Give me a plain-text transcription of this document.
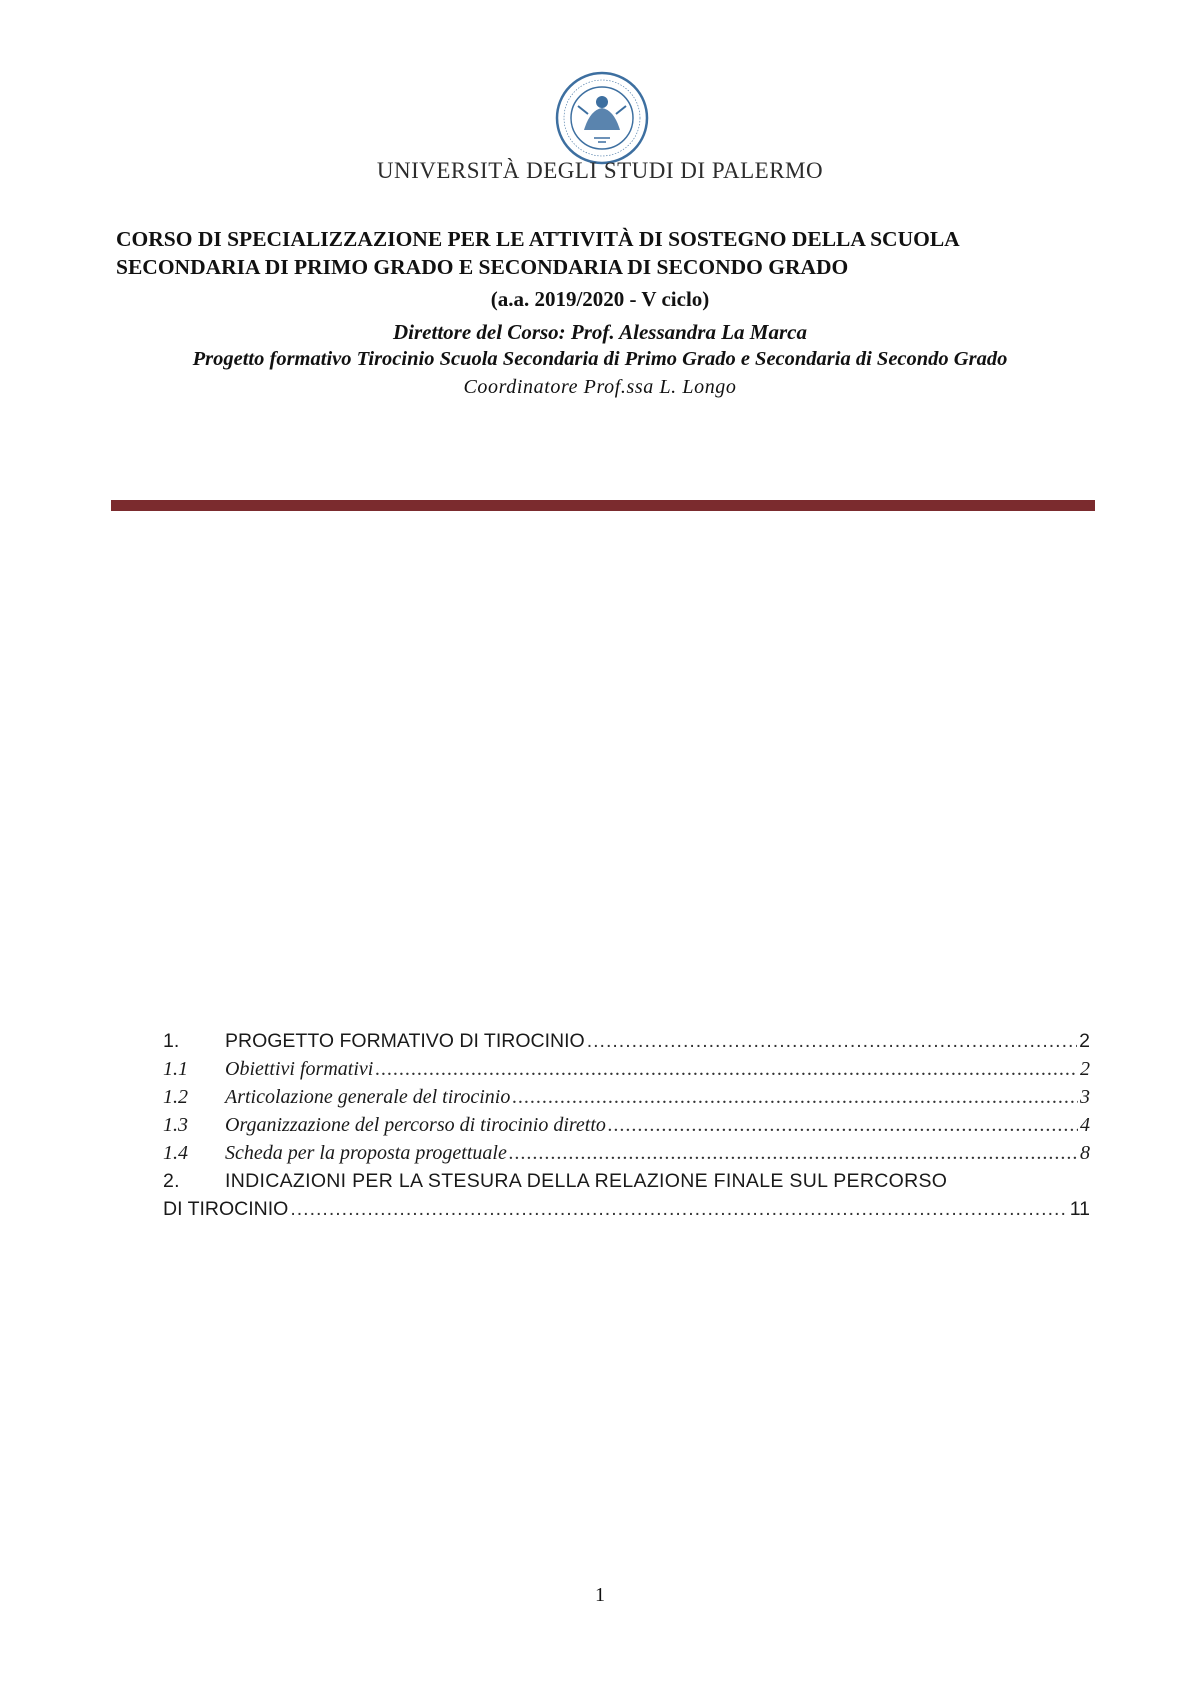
UNIVERSITÀ DEGLI STUDI DI PALERMO

CORSO DI SPECIALIZZAZIONE PER LE ATTIVITÀ DI SOSTEGNO DELLA SCUOLA
SECONDARIA DI PRIMO GRADO E SECONDARIA DI SECONDO GRADO

(a.a. 2019/2020 - V ciclo)
Direttore del Corso: Prof. Alessandra La Marca
Progetto formativo Tirocinio Scuola Secondaria di Primo Grado e Secondaria di Secondo Grado
Coordinatore Prof.ssa L. Longo
1.	PROGETTO FORMATIVO DI TIROCINIO .....	2
1.1	Obiettivi formativi .....	2
1.2	Articolazione generale del tirocinio .....	3
1.3	Organizzazione del percorso di tirocinio diretto .....	4
1.4	Scheda per la proposta progettuale .....	8
2. INDICAZIONI PER LA STESURA DELLA RELAZIONE FINALE SUL PERCORSO
DI TIROCINIO .....	11
1
